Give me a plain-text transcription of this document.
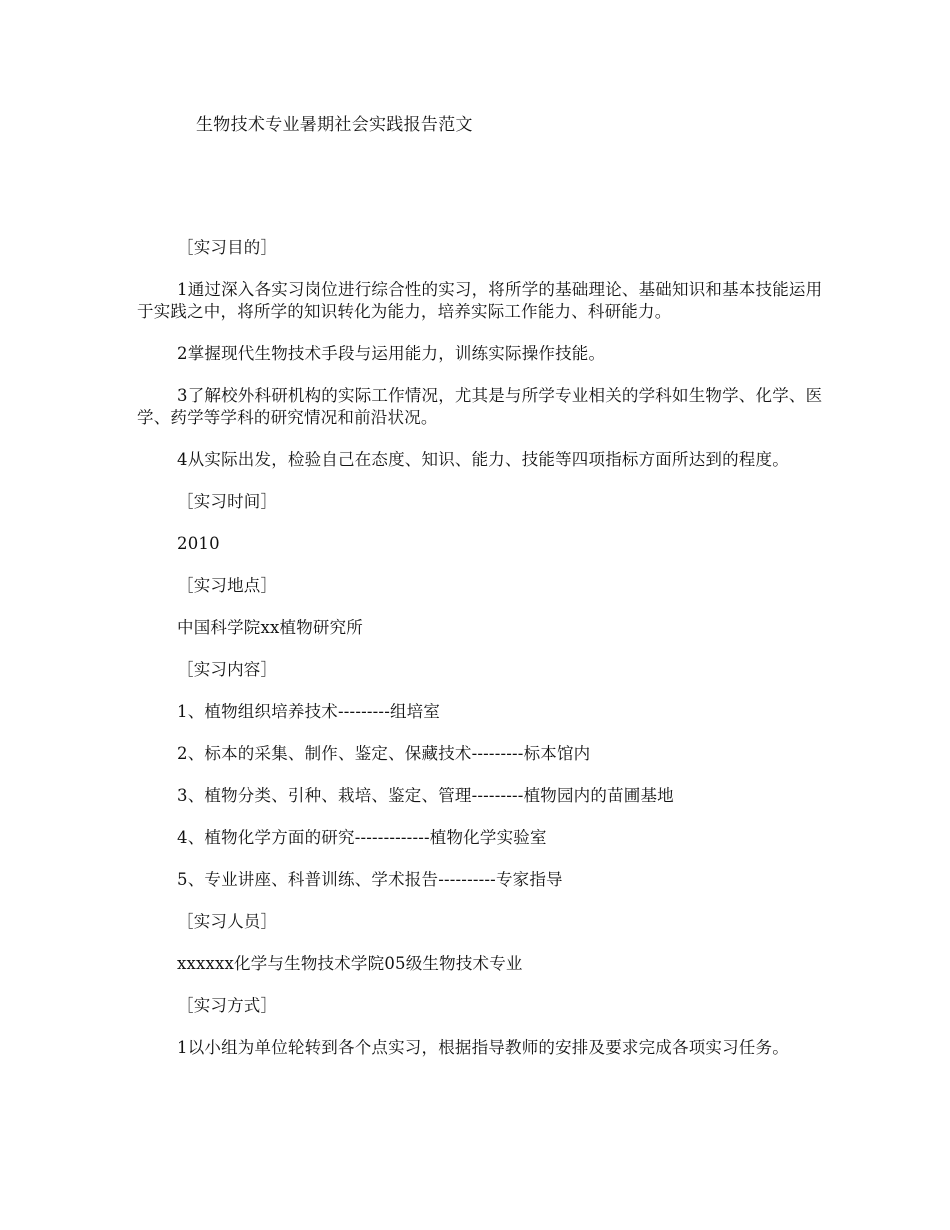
生物技术专业暑期社会实践报告范文

［实习目的］

1通过深入各实习岗位进行综合性的实习，将所学的基础理论、基础知识和基本技能运用于实践之中，将所学的知识转化为能力，培养实际工作能力、科研能力。

2掌握现代生物技术手段与运用能力，训练实际操作技能。

3了解校外科研机构的实际工作情况，尤其是与所学专业相关的学科如生物学、化学、医学、药学等学科的研究情况和前沿状况。

4从实际出发，检验自己在态度、知识、能力、技能等四项指标方面所达到的程度。

［实习时间］

2010

［实习地点］

中国科学院xx植物研究所

［实习内容］

1、植物组织培养技术---------组培室

2、标本的采集、制作、鉴定、保藏技术---------标本馆内

3、植物分类、引种、栽培、鉴定、管理---------植物园内的苗圃基地

4、植物化学方面的研究-------------植物化学实验室

5、专业讲座、科普训练、学术报告----------专家指导

［实习人员］

xxxxxx化学与生物技术学院05级生物技术专业

［实习方式］

1以小组为单位轮转到各个点实习，根据指导教师的安排及要求完成各项实习任务。
